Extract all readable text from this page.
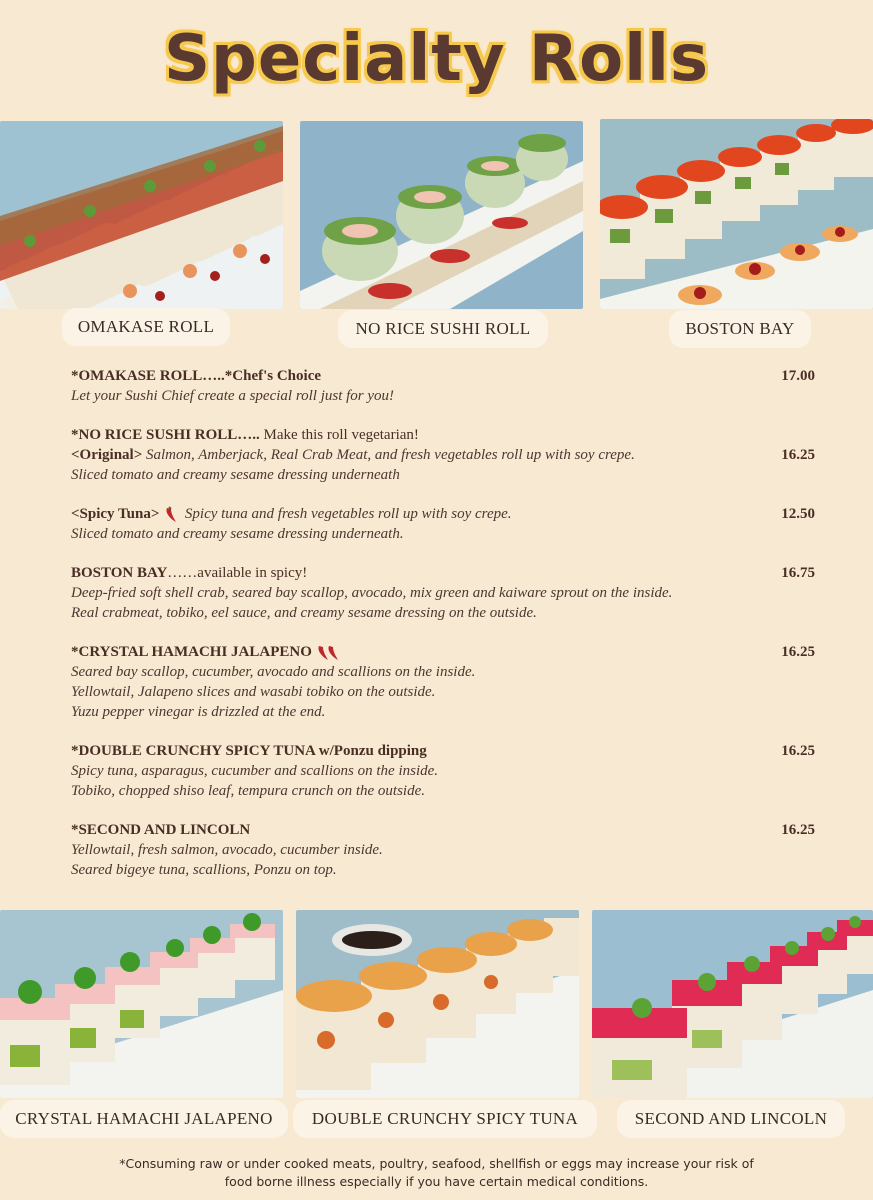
Specialty Rolls
OMAKASE ROLL	NO RICE SUSHI ROLL	BOSTON BAY
*OMAKASE ROLL…..*Chef's Choice	17.00
Let your Sushi Chief create a special roll just for you!
*NO RICE SUSHI ROLL….. Make this roll vegetarian!
<Original> Salmon, Amberjack, Real Crab Meat, and fresh vegetables roll up with soy crepe.	16.25
Sliced tomato and creamy sesame dressing underneath
<Spicy Tuna>  Spicy tuna and fresh vegetables roll up with soy crepe.	12.50
Sliced tomato and creamy sesame dressing underneath.
BOSTON BAY……available in spicy!	16.75
Deep-fried soft shell crab, seared bay scallop, avocado, mix green and kaiware sprout on the inside.
Real crabmeat, tobiko, eel sauce, and creamy sesame dressing on the outside.
*CRYSTAL HAMACHI JALAPENO	16.25
Seared bay scallop, cucumber, avocado and scallions on the inside.
Yellowtail, Jalapeno slices and wasabi tobiko on the outside.
Yuzu pepper vinegar is drizzled at the end.
*DOUBLE CRUNCHY SPICY TUNA w/Ponzu dipping	16.25
Spicy tuna, asparagus, cucumber and scallions on the inside.
Tobiko, chopped shiso leaf, tempura crunch on the outside.
*SECOND AND LINCOLN	16.25
Yellowtail, fresh salmon, avocado, cucumber inside.
Seared bigeye tuna, scallions, Ponzu on top.
CRYSTAL HAMACHI JALAPENO	DOUBLE CRUNCHY SPICY TUNA	SECOND AND LINCOLN
*Consuming raw or under cooked meats, poultry, seafood, shellfish or eggs may increase your risk of
food borne illness especially if you have certain medical conditions.
